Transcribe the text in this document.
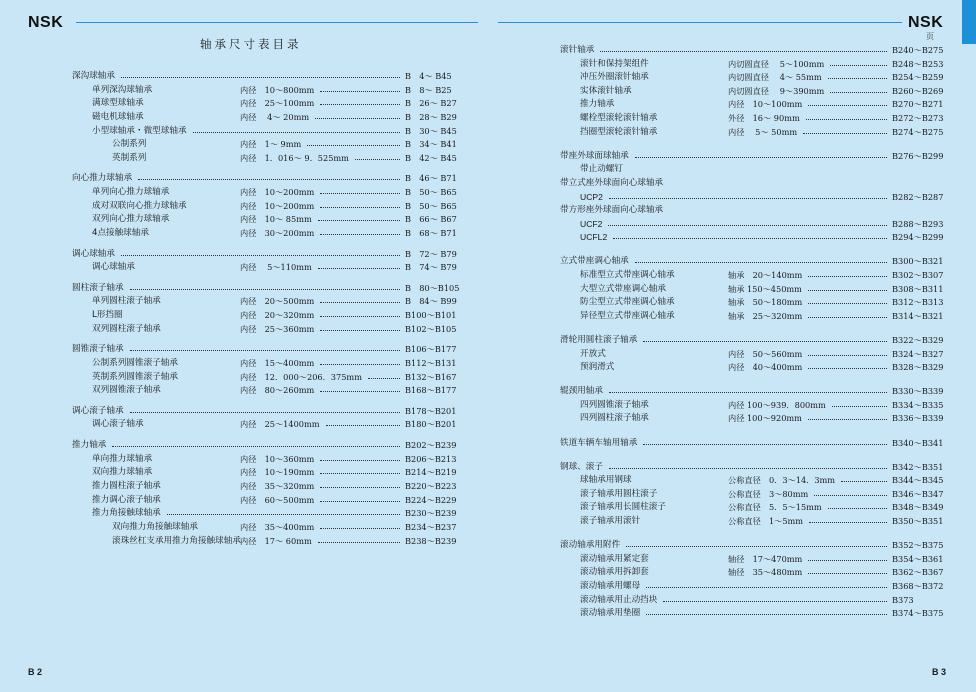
NSK	NSK
页
轴承尺寸表目录
深沟球轴承	B　4〜 B45
单列深沟球轴承	内径　10〜800mm	B　8〜 B25
满球型球轴承	内径　25〜100mm	B　26〜 B27
磁电机球轴承	内径　 4〜 20mm	B　28〜 B29
小型球轴承・微型球轴承	B　30〜 B45
公制系列	内径　1〜 9mm	B　34〜 B41
英制系列	内径　1．016〜 9．525mm	B　42〜 B45
向心推力球轴承	B　46〜 B71
单列向心推力球轴承	内径　10〜200mm	B　50〜 B65
成对双联向心推力球轴承	内径　10〜200mm	B　50〜 B65
双列向心推力球轴承	内径　10〜 85mm	B　66〜 B67
4点接触球轴承	内径　30〜200mm	B　68〜 B71
调心球轴承	B　72〜 B79
调心球轴承	内径　 5〜110mm	B　74〜 B79
圆柱滚子轴承	B　80〜B105
单列圆柱滚子轴承	内径　20〜500mm	B　84〜 B99
L形挡圈	内径　20〜320mm	B100〜B101
双列圆柱滚子轴承	内径　25〜360mm	B102〜B105
圆锥滚子轴承	B106〜B177
公制系列圆锥滚子轴承	内径　15〜400mm	B112〜B131
英制系列圆锥滚子轴承	内径　12．000〜206．375mm	B132〜B167
双列圆锥滚子轴承	内径　80〜260mm	B168〜B177
调心滚子轴承	B178〜B201
调心滚子轴承	内径　25〜1400mm	B180〜B201
推力轴承	B202〜B239
单向推力球轴承	内径　10〜360mm	B206〜B213
双向推力球轴承	内径　10〜190mm	B214〜B219
推力圆柱滚子轴承	内径　35〜320mm	B220〜B223
推力调心滚子轴承	内径　60〜500mm	B224〜B229
推力角接触球轴承	B230〜B239
双向推力角接触球轴承	内径　35〜400mm	B234〜B237
滚珠丝杠支承用推力角接触球轴承 内径　17〜 60mm	B238〜B239
滚针轴承	B240〜B275
滚针和保持架组件	内切圆直径　 5〜100mm	B248〜B253
冲压外圈滚针轴承	内切圆直径　 4〜 55mm	B254〜B259
实体滚针轴承	内切圆直径　 9〜390mm	B260〜B269
推力轴承	内径　10〜100mm	B270〜B271
螺栓型滚轮滚针轴承	外径　16〜 90mm	B272〜B273
挡圈型滚轮滚针轴承	内径　 5〜 50mm	B274〜B275
带座外球面球轴承	B276〜B299
带止动螺钉
带立式座外球面向心球轴承
UCP2	B282〜B287
带方形座外球面向心球轴承
UCF2	B288〜B293
UCFL2	B294〜B299
立式带座调心轴承	B300〜B321
标准型立式带座调心轴承	轴承　20〜140mm	B302〜B307
大型立式带座调心轴承	轴承 150〜450mm	B308〜B311
防尘型立式带座调心轴承	轴承　50〜180mm	B312〜B313
异径型立式带座调心轴承	轴承　25〜320mm	B314〜B321
滑轮用圆柱滚子轴承	B322〜B329
开放式	内径　50〜560mm	B324〜B327
预润滑式	内径　40〜400mm	B328〜B329
辊颈用轴承	B330〜B339
四列圆锥滚子轴承	内径 100〜939．800mm	B334〜B335
四列圆柱滚子轴承	内径 100〜920mm	B336〜B339
铁道车辆车轴用轴承	B340〜B341
钢球、滚子	B342〜B351
球轴承用钢球	公称直径　0．3〜14．3mm	B344〜B345
滚子轴承用圆柱滚子	公称直径　3〜80mm	B346〜B347
滚子轴承用长圆柱滚子	公称直径　5．5〜15mm	B348〜B349
滚子轴承用滚针	公称直径　1〜5mm	B350〜B351
滚动轴承用附件	B352〜B375
滚动轴承用紧定套	轴径　17〜470mm	B354〜B361
滚动轴承用拆卸套	轴径　35〜480mm	B362〜B367
滚动轴承用螺母	B368〜B372
滚动轴承用止动挡块	B373
滚动轴承用垫圈	B374〜B375
B 2	B 3
